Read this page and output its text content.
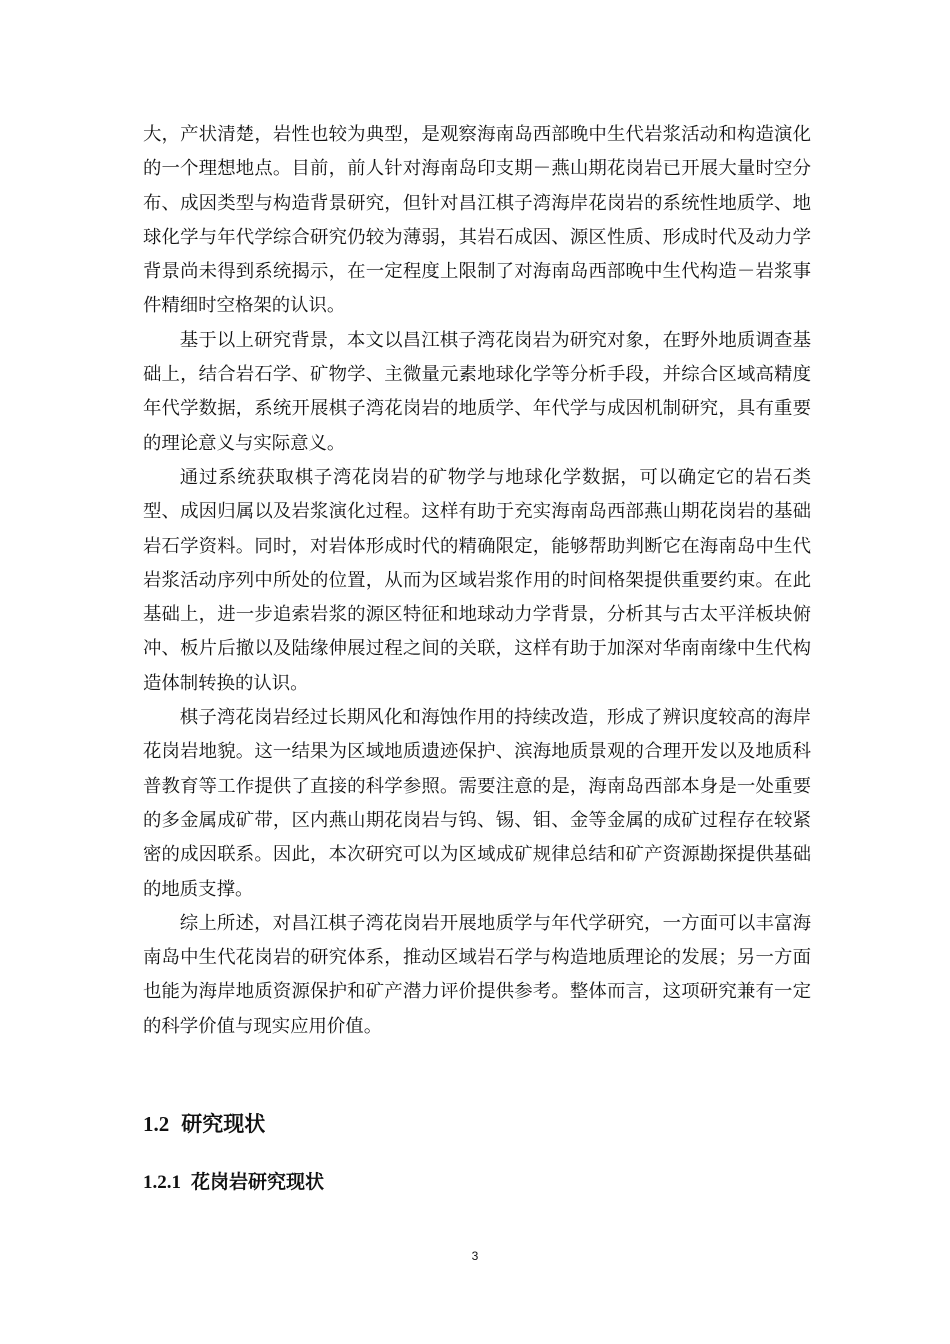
大，产状清楚，岩性也较为典型，是观察海南岛西部晚中生代岩浆活动和构造演化的一个理想地点。目前，前人针对海南岛印支期－燕山期花岗岩已开展大量时空分布、成因类型与构造背景研究，但针对昌江棋子湾海岸花岗岩的系统性地质学、地球化学与年代学综合研究仍较为薄弱，其岩石成因、源区性质、形成时代及动力学背景尚未得到系统揭示，在一定程度上限制了对海南岛西部晚中生代构造－岩浆事件精细时空格架的认识。

基于以上研究背景，本文以昌江棋子湾花岗岩为研究对象，在野外地质调查基础上，结合岩石学、矿物学、主微量元素地球化学等分析手段，并综合区域高精度年代学数据，系统开展棋子湾花岗岩的地质学、年代学与成因机制研究，具有重要的理论意义与实际意义。

通过系统获取棋子湾花岗岩的矿物学与地球化学数据，可以确定它的岩石类型、成因归属以及岩浆演化过程。这样有助于充实海南岛西部燕山期花岗岩的基础岩石学资料。同时，对岩体形成时代的精确限定，能够帮助判断它在海南岛中生代岩浆活动序列中所处的位置，从而为区域岩浆作用的时间格架提供重要约束。在此基础上，进一步追索岩浆的源区特征和地球动力学背景，分析其与古太平洋板块俯冲、板片后撤以及陆缘伸展过程之间的关联，这样有助于加深对华南南缘中生代构造体制转换的认识。

棋子湾花岗岩经过长期风化和海蚀作用的持续改造，形成了辨识度较高的海岸花岗岩地貌。这一结果为区域地质遗迹保护、滨海地质景观的合理开发以及地质科普教育等工作提供了直接的科学参照。需要注意的是，海南岛西部本身是一处重要的多金属成矿带，区内燕山期花岗岩与钨、锡、钼、金等金属的成矿过程存在较紧密的成因联系。因此，本次研究可以为区域成矿规律总结和矿产资源勘探提供基础的地质支撑。

综上所述，对昌江棋子湾花岗岩开展地质学与年代学研究，一方面可以丰富海南岛中生代花岗岩的研究体系，推动区域岩石学与构造地质理论的发展；另一方面也能为海岸地质资源保护和矿产潜力评价提供参考。整体而言，这项研究兼有一定的科学价值与现实应用价值。

1.2 研究现状
1.2.1 花岗岩研究现状
3
